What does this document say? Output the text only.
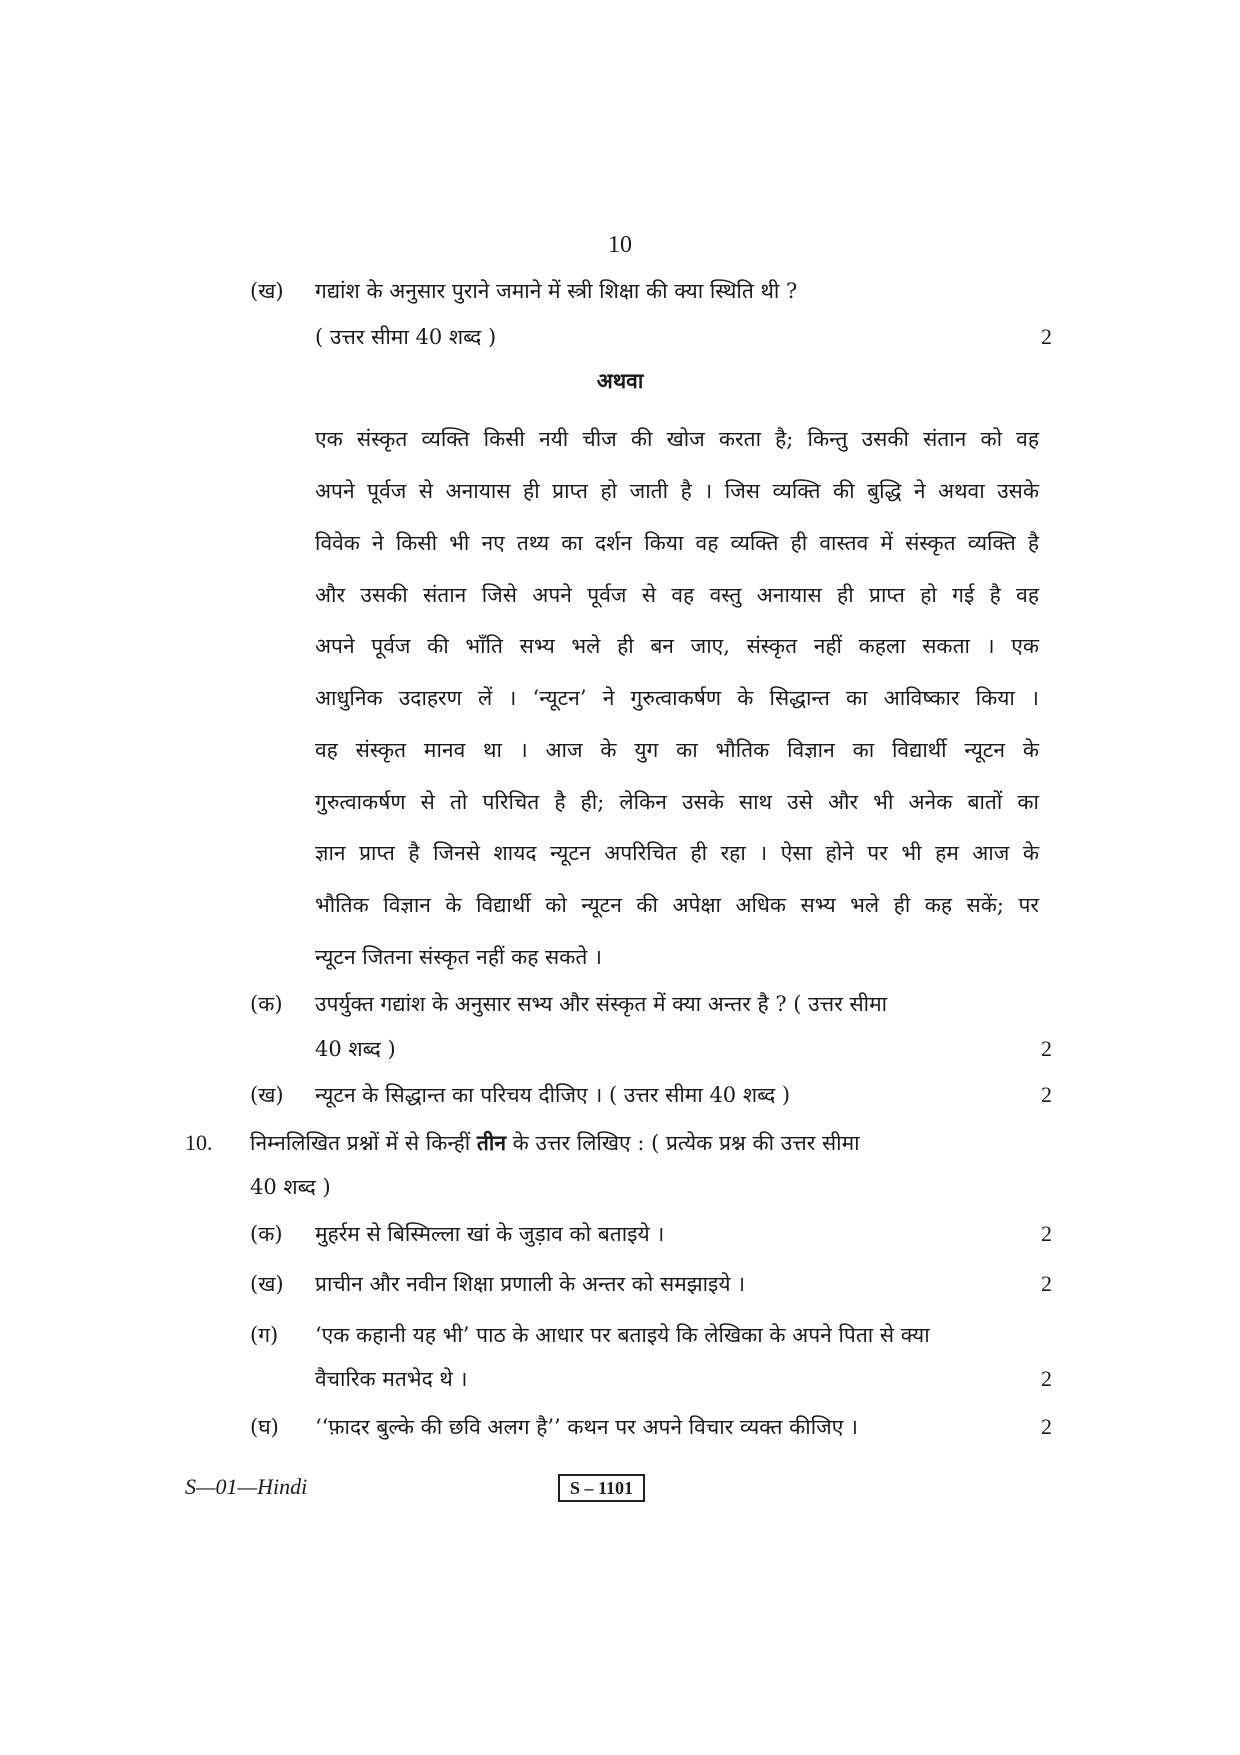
10
(ख) गद्यांश के अनुसार पुराने जमाने में स्त्री शिक्षा की क्या स्थिति थी ?
( उत्तर सीमा 40 शब्द )	2
अथवा
एक संस्कृत व्यक्ति किसी नयी चीज की खोज करता है; किन्तु उसकी संतान को वह
अपने पूर्वज से अनायास ही प्राप्त हो जाती है । जिस व्यक्ति की बुद्धि ने अथवा उसके
विवेक ने किसी भी नए तथ्य का दर्शन किया वह व्यक्ति ही वास्तव में संस्कृत व्यक्ति है
और उसकी संतान जिसे अपने पूर्वज से वह वस्तु अनायास ही प्राप्त हो गई है वह
अपने पूर्वज की भाँति सभ्य भले ही बन जाए, संस्कृत नहीं कहला सकता । एक
आधुनिक उदाहरण लें । ‘न्यूटन’ ने गुरुत्वाकर्षण के सिद्धान्त का आविष्कार किया ।
वह संस्कृत मानव था । आज के युग का भौतिक विज्ञान का विद्यार्थी न्यूटन के
गुरुत्वाकर्षण से तो परिचित है ही; लेकिन उसके साथ उसे और भी अनेक बातों का
ज्ञान प्राप्त है जिनसे शायद न्यूटन अपरिचित ही रहा । ऐसा होने पर भी हम आज के
भौतिक विज्ञान के विद्यार्थी को न्यूटन की अपेक्षा अधिक सभ्य भले ही कह सकें; पर
न्यूटन जितना संस्कृत नहीं कह सकते ।
(क) उपर्युक्त गद्यांश के अनुसार सभ्य और संस्कृत में क्या अन्तर है ? ( उत्तर सीमा
40 शब्द )	2
(ख) न्यूटन के सिद्धान्त का परिचय दीजिए । ( उत्तर सीमा 40 शब्द )	2
10. निम्नलिखित प्रश्नों में से किन्हीं तीन के उत्तर लिखिए : ( प्रत्येक प्रश्न की उत्तर सीमा
40 शब्द )
(क) मुहर्रम से बिस्मिल्ला खां के जुड़ाव को बताइये ।	2
(ख) प्राचीन और नवीन शिक्षा प्रणाली के अन्तर को समझाइये ।	2
(ग) ‘एक कहानी यह भी’ पाठ के आधार पर बताइये कि लेखिका के अपने पिता से क्या
वैचारिक मतभेद थे ।	2
(घ) ‘‘फ़ादर बुल्के की छवि अलग है’’ कथन पर अपने विचार व्यक्त कीजिए ।	2
S—01—Hindi	S – 1101
